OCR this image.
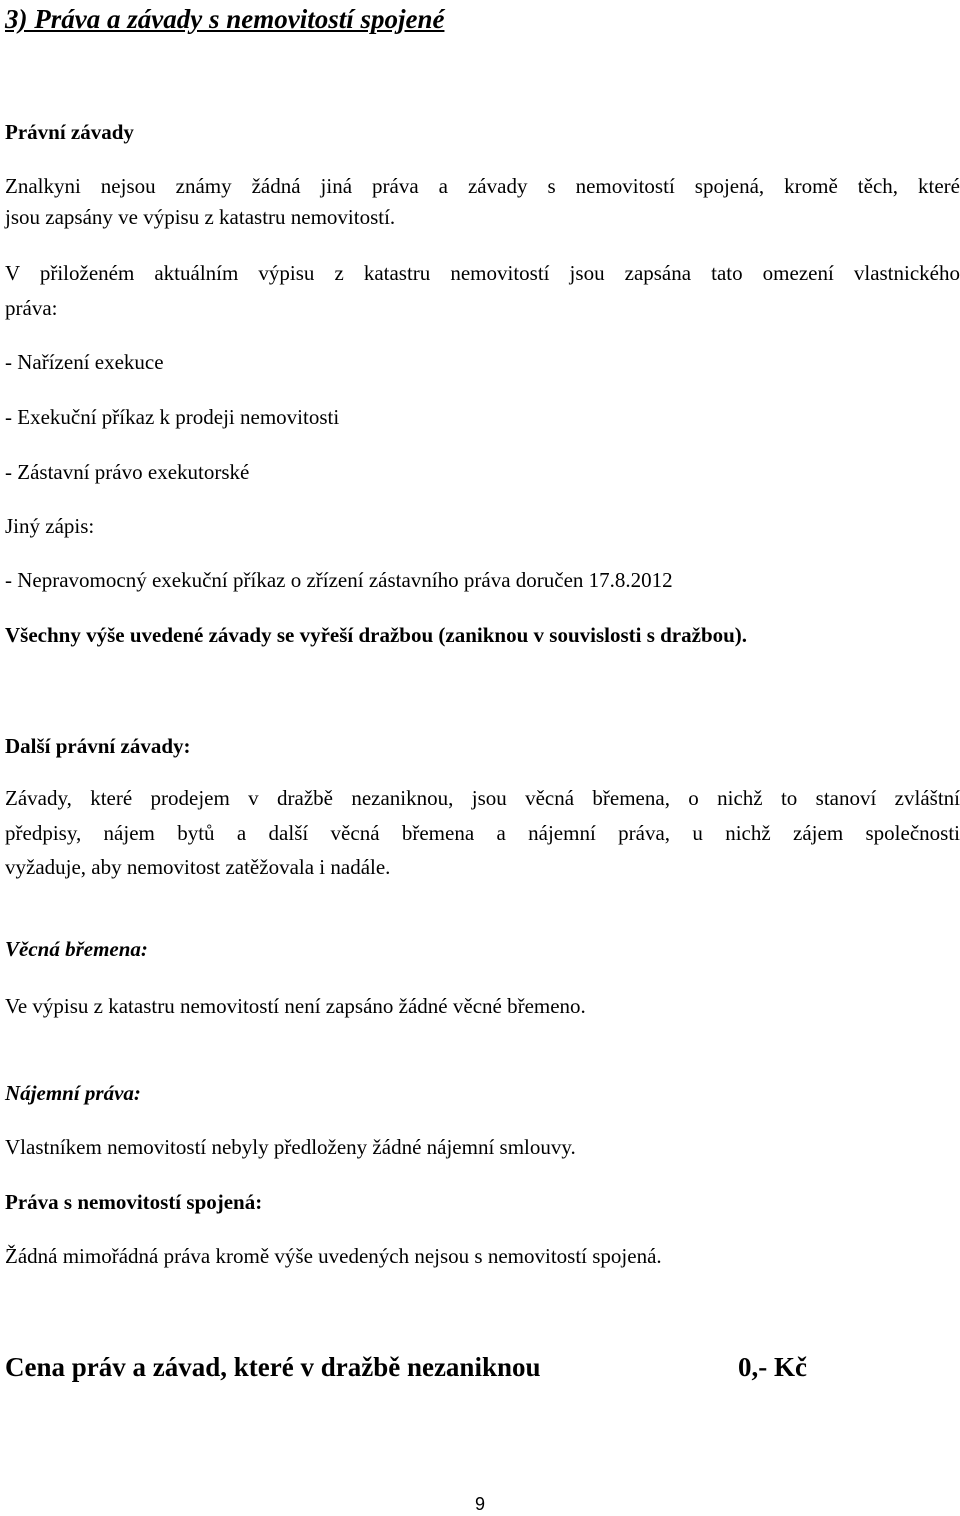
3) Práva a závady s nemovitostí spojené

Právní závady

Znalkyni nejsou známy žádná jiná práva a závady s nemovitostí spojená, kromě těch, které

jsou zapsány ve výpisu z katastru nemovitostí.

V přiloženém aktuálním výpisu z katastru nemovitostí jsou zapsána tato omezení vlastnického

práva:

- Nařízení exekuce

- Exekuční příkaz k prodeji nemovitosti

- Zástavní právo exekutorské

Jiný zápis:

- Nepravomocný exekuční příkaz o zřízení zástavního práva doručen 17.8.2012

Všechny výše uvedené závady se vyřeší dražbou (zaniknou v souvislosti s dražbou).

Další právní závady:

Závady, které prodejem v dražbě nezaniknou, jsou věcná břemena, o nichž to stanoví zvláštní

předpisy, nájem bytů a další věcná břemena a nájemní práva, u nichž zájem společnosti

vyžaduje, aby nemovitost zatěžovala i nadále.

Věcná břemena:

Ve výpisu z katastru nemovitostí není zapsáno žádné věcné břemeno.

Nájemní práva:

Vlastníkem nemovitostí nebyly předloženy žádné nájemní smlouvy.

Práva s nemovitostí spojená:

Žádná mimořádná práva kromě výše uvedených nejsou s nemovitostí spojená.

Cena práv a závad, které v dražbě nezaniknou	0,- Kč

9
